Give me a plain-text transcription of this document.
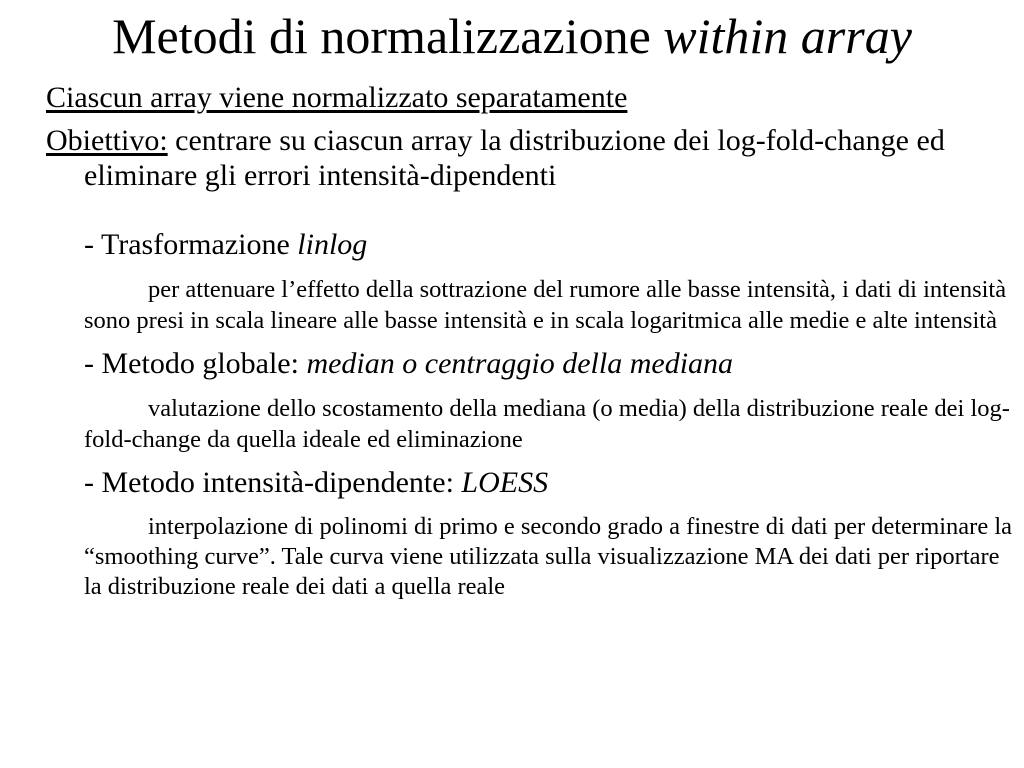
Metodi di normalizzazione within array

Ciascun array viene normalizzato separatamente

Obiettivo: centrare su ciascun array la distribuzione dei log-fold-change ed eliminare gli errori intensità-dipendenti

- Trasformazione linlog

per attenuare l’effetto della sottrazione del rumore alle basse intensità, i dati di intensità sono presi in scala lineare alle basse intensità e in scala logaritmica alle medie e alte intensità

- Metodo globale: median o centraggio della mediana

valutazione dello scostamento della mediana (o media) della distribuzione reale dei log-fold-change da quella ideale ed eliminazione

- Metodo intensità-dipendente: LOESS

interpolazione di polinomi di primo e secondo grado a finestre di dati per determinare la “smoothing curve”. Tale curva viene utilizzata sulla visualizzazione MA dei dati per riportare la distribuzione reale dei dati a quella reale
